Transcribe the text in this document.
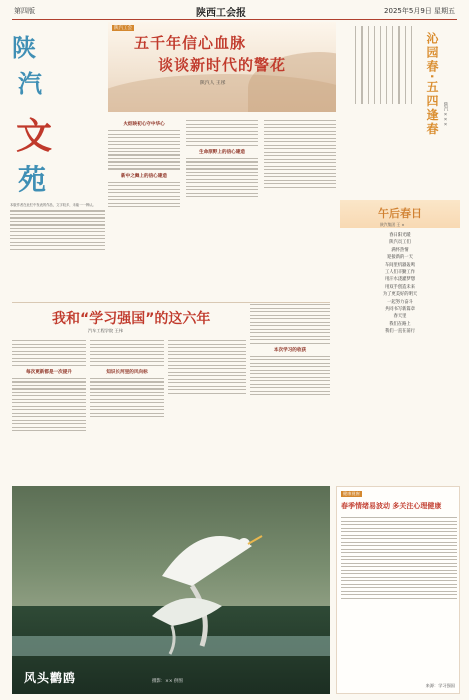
第四版	陕西工会报	2025年5月9日 星期五
陕
汽
文
苑
本版作者在此栏中发表的作品，文字较多，未能一一辨认。
陕汽工会
五千年信心血脉
谈谈新时代的警花
陕汽人 王彤
火炬映初心守中华心
新中之舞上的信心建造
生命原野上的信心建造
沁园春·五四逢春 陕汽 ×××
午后春日
陕汽集团 王 ×
春日阳光暖
陕汽员工们
满怀热情
迎接新的一天
车间里机器轰鸣
工人们辛勤工作
用汗水浇灌梦想
用双手创造未来
为了更美好的明天
一起努力奋斗
共同书写新篇章
春天里
我们在路上
我们一直在前行
我和“学习强国”的这六年
汽车工程学院 王伟
每次更新都是一次提升	知识长河里的风向标
本次学习的收获
健康视窗
春季情绪易波动 多关注心理健康
来源：学习强国
风头鹳鸥	摄影：×× 供图
